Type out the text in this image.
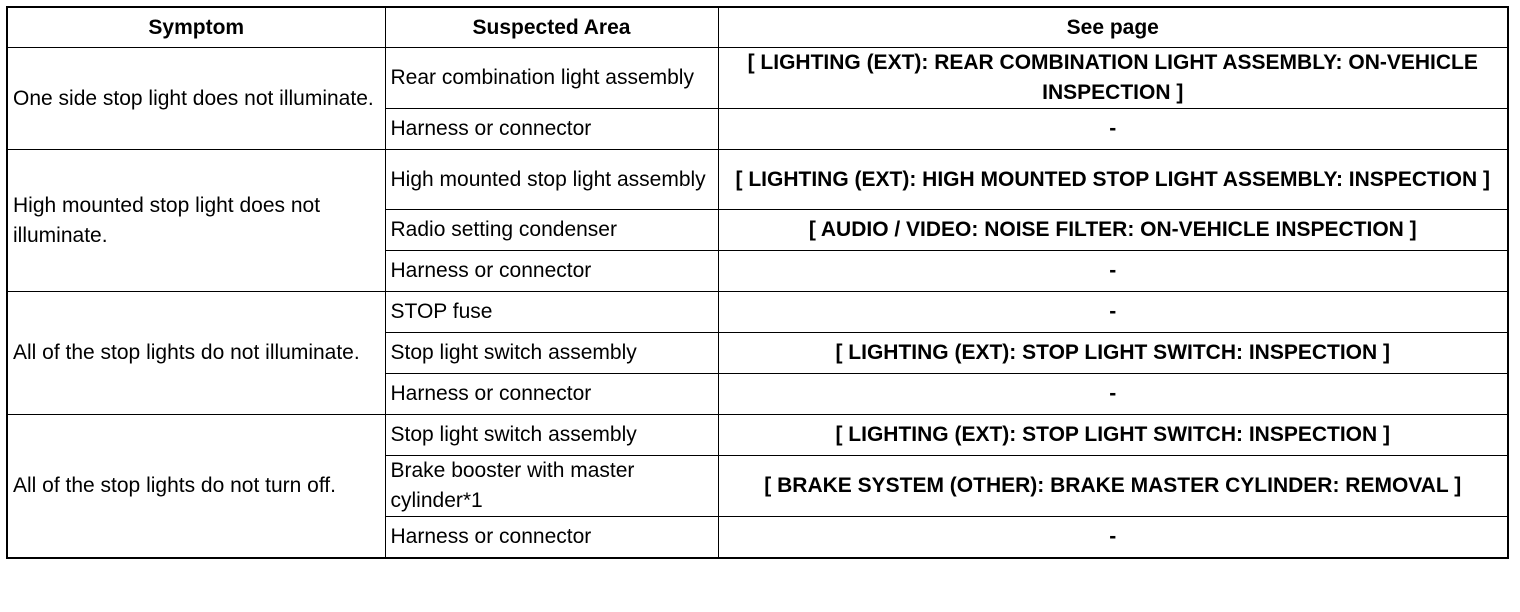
Symptom	Suspected Area	See page
One side stop light does not illuminate.	Rear combination light assembly	[ LIGHTING (EXT): REAR COMBINATION LIGHT ASSEMBLY: ON-VEHICLE INSPECTION ]
	Harness or connector	-
High mounted stop light does not illuminate.	High mounted stop light assembly	[ LIGHTING (EXT): HIGH MOUNTED STOP LIGHT ASSEMBLY: INSPECTION ]
	Radio setting condenser	[ AUDIO / VIDEO: NOISE FILTER: ON-VEHICLE INSPECTION ]
	Harness or connector	-
All of the stop lights do not illuminate.	STOP fuse	-
	Stop light switch assembly	[ LIGHTING (EXT): STOP LIGHT SWITCH: INSPECTION ]
	Harness or connector	-
All of the stop lights do not turn off.	Stop light switch assembly	[ LIGHTING (EXT): STOP LIGHT SWITCH: INSPECTION ]
	Brake booster with master cylinder*1	[ BRAKE SYSTEM (OTHER): BRAKE MASTER CYLINDER: REMOVAL ]
	Harness or connector	-
